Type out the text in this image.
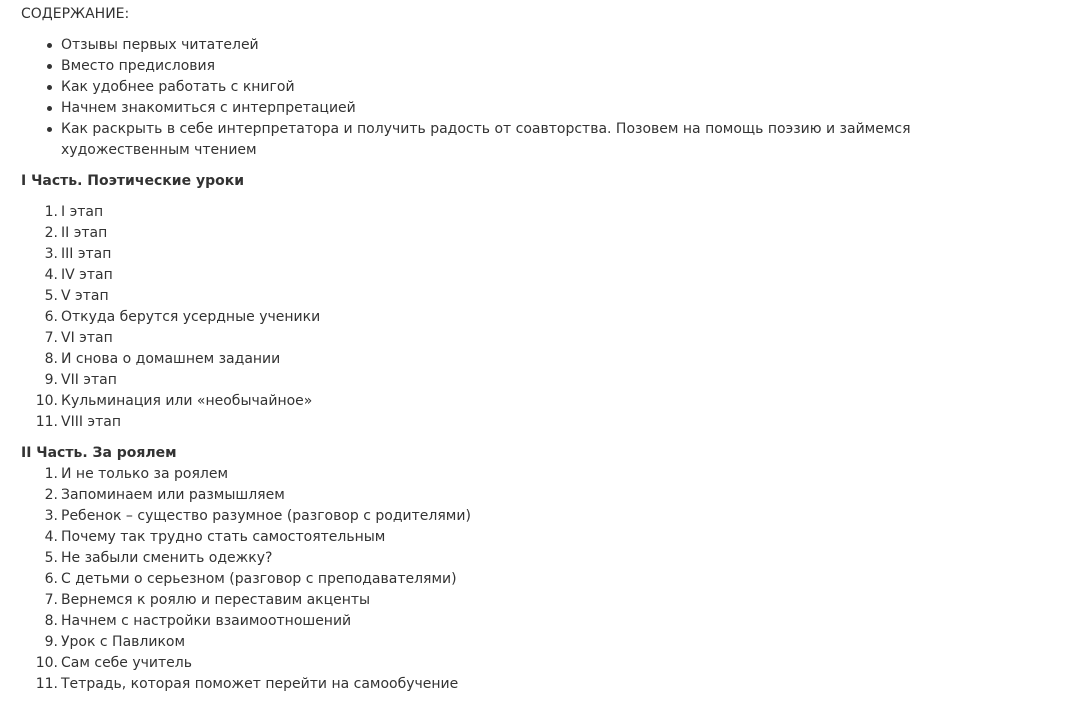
СОДЕРЖАНИЕ:
Отзывы первых читателей
Вместо предисловия
Как удобнее работать с книгой
Начнем знакомиться с интерпретацией
Как раскрыть в себе интерпретатора и получить радость от соавторства. Позовем на помощь поэзию и займемся художественным чтением
I Часть. Поэтические уроки
1. I этап
2. II этап
3. III этап
4. IV этап
5. V этап
6. Откуда берутся усердные ученики
7. VI этап
8. И снова о домашнем задании
9. VII этап
10. Кульминация или «необычайное»
11. VIII этап
II Часть. За роялем
1. И не только за роялем
2. Запоминаем или размышляем
3. Ребенок – существо разумное (разговор с родителями)
4. Почему так трудно стать самостоятельным
5. Не забыли сменить одежку?
6. С детьми о серьезном (разговор с преподавателями)
7. Вернемся к роялю и переставим акценты
8. Начнем с настройки взаимоотношений
9. Урок с Павликом
10. Сам себе учитель
11. Тетрадь, которая поможет перейти на самообучение
